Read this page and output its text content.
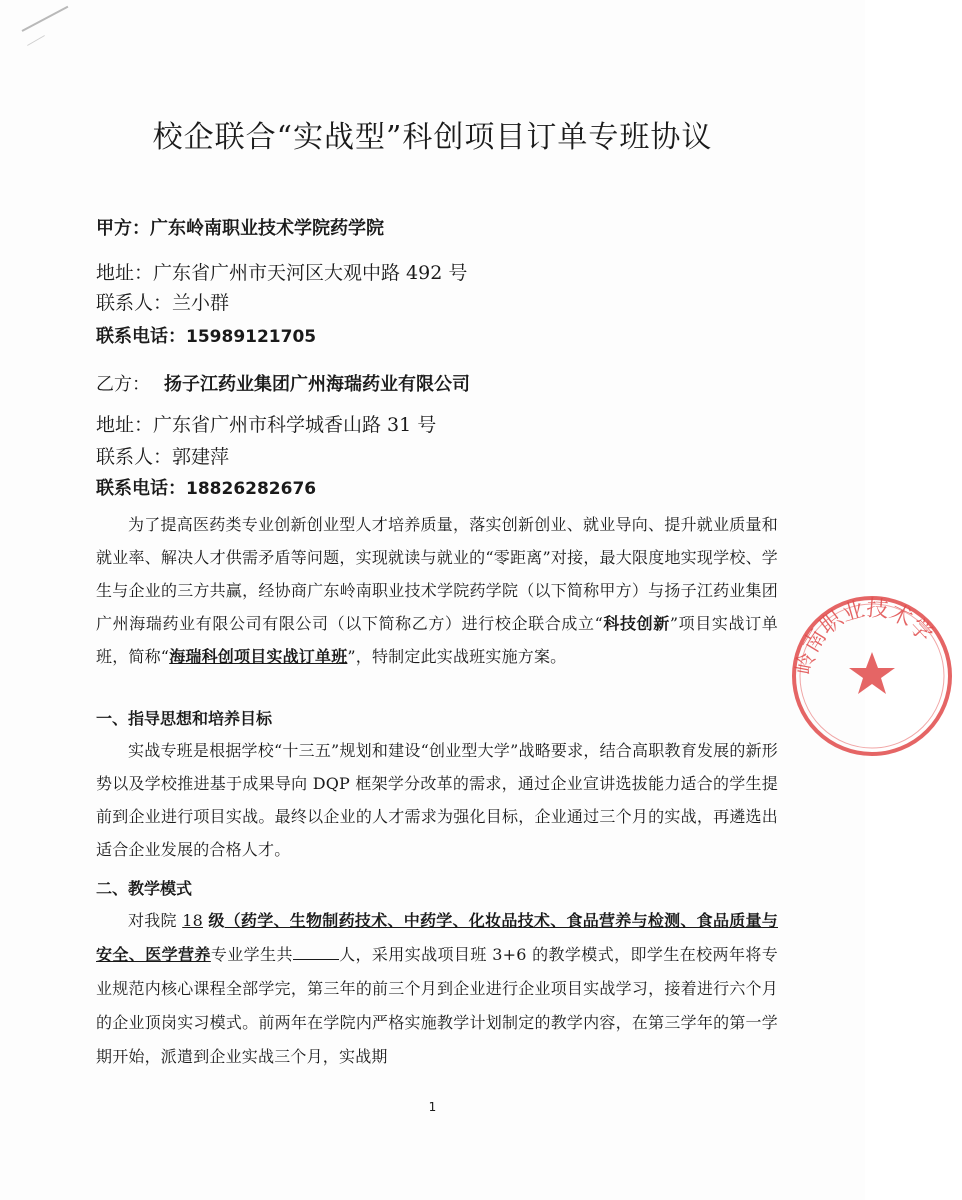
校企联合“实战型”科创项目订单专班协议
甲方：广东岭南职业技术学院药学院
地址：广东省广州市天河区大观中路 492 号
联系人：兰小群
联系电话：15989121705
乙方： 扬子江药业集团广州海瑞药业有限公司
地址：广东省广州市科学城香山路 31 号
联系人：郭建萍
联系电话：18826282676
为了提高医药类专业创新创业型人才培养质量，落实创新创业、就业导向、提升就业质量和就业率、解决人才供需矛盾等问题，实现就读与就业的“零距离”对接，最大限度地实现学校、学生与企业的三方共赢，经协商广东岭南职业技术学院药学院（以下简称甲方）与扬子江药业集团广州海瑞药业有限公司有限公司（以下简称乙方）进行校企联合成立“科技创新”项目实战订单班，简称“海瑞科创项目实战订单班”，特制定此实战班实施方案。
一、指导思想和培养目标
实战专班是根据学校“十三五”规划和建设“创业型大学”战略要求，结合高职教育发展的新形势以及学校推进基于成果导向 DQP 框架学分改革的需求，通过企业宣讲选拔能力适合的学生提前到企业进行项目实战。最终以企业的人才需求为强化目标，企业通过三个月的实战，再遴选出适合企业发展的合格人才。
二、教学模式
对我院 18 级（药学、生物制药技术、中药学、化妆品技术、食品营养与检测、食品质量与安全、医学营养专业学生共	人，采用实战项目班 3+6 的教学模式，即学生在校两年将专业规范内核心课程全部学完，第三年的前三个月到企业进行企业项目实战学习，接着进行六个月的企业顶岗实习模式。前两年在学院内严格实施教学计划制定的教学内容，在第三学年的第一学期开始，派遣到企业实战三个月，实战期
1
岭南职业技术学
